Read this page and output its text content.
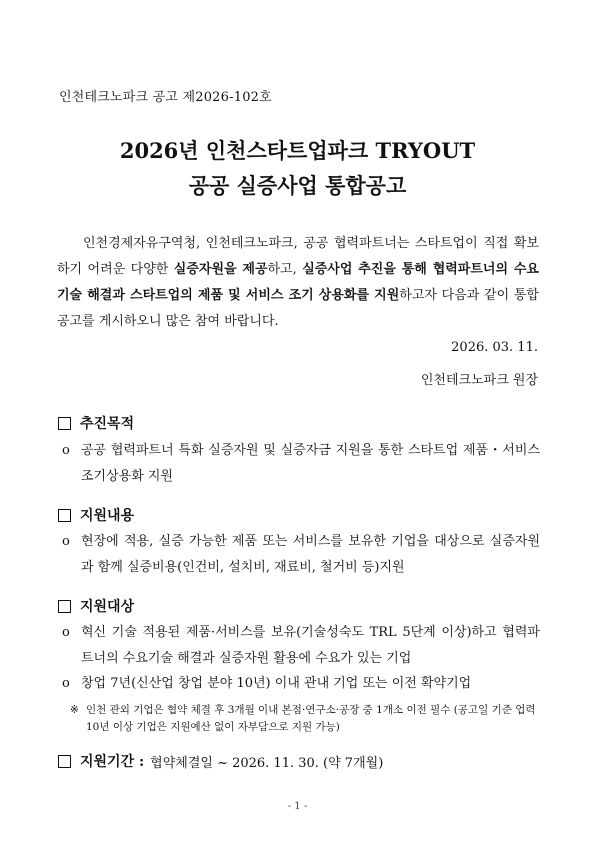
인천테크노파크 공고 제2026-102호
2026년 인천스타트업파크 TRYOUT
공공 실증사업 통합공고
인천경제자유구역청, 인천테크노파크, 공공 협력파트너는 스타트업이 직접 확보하기 어려운 다양한 실증자원을 제공하고, 실증사업 추진을 통해 협력파트너의 수요기술 해결과 스타트업의 제품 및 서비스 조기 상용화를 지원하고자 다음과 같이 통합공고를 게시하오니 많은 참여 바랍니다.
2026. 03. 11.
인천테크노파크 원장
추진목적
o 공공 협력파트너 특화 실증자원 및 실증자금 지원을 통한 스타트업 제품・서비스 조기상용화 지원
지원내용
o 현장에 적용, 실증 가능한 제품 또는 서비스를 보유한 기업을 대상으로 실증자원과 함께 실증비용(인건비, 설치비, 재료비, 철거비 등)지원
지원대상
o 혁신 기술 적용된 제품·서비스를 보유(기술성숙도 TRL 5단계 이상)하고 협력파트너의 수요기술 해결과 실증자원 활용에 수요가 있는 기업
o 창업 7년(신산업 창업 분야 10년) 이내 관내 기업 또는 이전 확약기업
※ 인천 관외 기업은 협약 체결 후 3개월 이내 본점·연구소·공장 중 1개소 이전 필수 (공고일 기준 업력 10년 이상 기업은 지원예산 없이 자부담으로 지원 가능)
지원기간 : 협약체결일 ~ 2026. 11. 30. (약 7개월)
- 1 -
